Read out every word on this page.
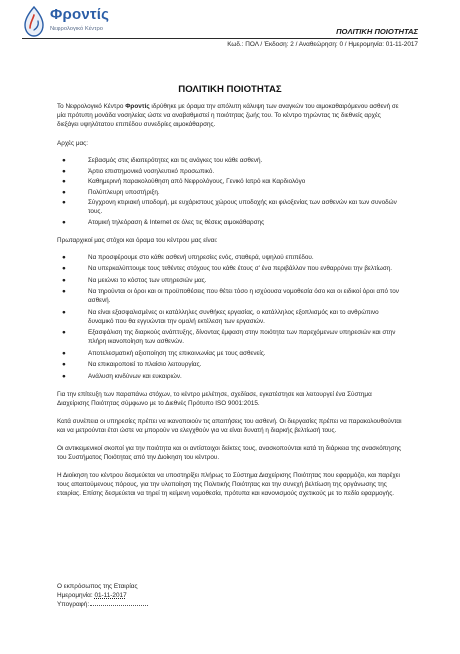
Φροντίς
Νεφρολογικό Κέντρο	ΠΟΛΙΤΙΚΗ ΠΟΙΟΤΗΤΑΣ
Κωδ.: ΠΟΛ / Έκδοση: 2 / Αναθεώρηση: 0 / Ημερομηνία: 01-11-2017
ΠΟΛΙΤΙΚΗ ΠΟΙΟΤΗΤΑΣ

Το Νεφρολογικό Κέντρο Φροντίς ιδρύθηκε με όραμα την απόλυτη κάλυψη των αναγκών του αιμοκαθαιρόμενου ασθενή σε μία πρότυπη μονάδα νοσηλείας ώστε να αναβαθμιστεί η ποιότητας ζωής του. Το κέντρο τηρώντας τις διεθνείς αρχές διεξάγει υψηλότατου επιπέδου συνεδρίες αιμοκάθαρσης.

Αρχές μας:

●	Σεβασμός στις ιδιαιτερότητες και τις ανάγκες του κάθε ασθενή.
●	Άρτιο επιστημονικά νοσηλευτικό προσωπικό.
●	Καθημερινή παρακολούθηση από Νεφρολόγους, Γενικό Ιατρό και Καρδιολόγο
●	Πολύπλευρη υποστήριξη.
●	Σύγχρονη κτιριακή υποδομή, με ευχάριστους χώρους υποδοχής και φιλοξενίας των ασθενών και των συνοδών τους.
●	Ατομική τηλεόραση & Internet σε όλες τις θέσεις αιμοκάθαρσης

Πρωταρχικοί μας στόχοι και όραμα του κέντρου μας είναι:

●	Να προσφέρουμε στο κάθε ασθενή υπηρεσίες ενός, σταθερά, υψηλού επιπέδου.
●	Να υπερκαλύπτουμε τους τεθέντες στόχους του κάθε έτους σ' ένα περιβάλλον που ενθαρρύνει την βελτίωση.
●	Να μειώνει το κόστος των υπηρεσιών μας.
●	Να τηρούνται οι όροι και οι προϋποθέσεις που θέτει τόσο η ισχύουσα νομοθεσία όσο και οι ειδικοί όροι από τον ασθενή.
●	Να είναι εξασφαλισμένες οι κατάλληλες συνθήκες εργασίας, ο κατάλληλος εξοπλισμός και το ανθρώπινο δυναμικό που θα εγγυώνται την ομαλή εκτέλεση των εργασιών.
●	Εξασφάλιση της διαρκούς ανάπτυξης, δίνοντας έμφαση στην ποιότητα των παρεχόμενων υπηρεσιών και στην πλήρη ικανοποίηση των ασθενών.
●	Αποτελεσματική αξιοποίηση της επικοινωνίας με τους ασθενείς.
●	Να επικαιροποιεί το πλαίσιο λειτουργίας.
●	Ανάλυση κινδύνων και ευκαιριών.

Για την επίτευξη των παραπάνω στόχων, το κέντρο μελέτησε, σχεδίασε, εγκατέστησε και λειτουργεί ένα Σύστημα Διαχείρισης Ποιότητας σύμφωνο με το Διεθνές Πρότυπο ISO 9001:2015.

Κατά συνέπεια οι υπηρεσίες πρέπει να ικανοποιούν τις απαιτήσεις του ασθενή. Οι διεργασίες πρέπει να παρακολουθούνται και να μετρούνται έτσι ώστε να μπορούν να ελεγχθούν για να είναι δυνατή η διαρκής βελτίωσή τους.

Οι αντικειμενικοί σκοποί για την ποιότητα και οι αντίστοιχοι δείκτες τους, ανασκοπούνται κατά τη διάρκεια της ανασκόπησης του Συστήματος Ποιότητας από την Διοίκηση του κέντρου.

Η Διοίκηση του κέντρου δεσμεύεται να υποστηρίξει πλήρως το Σύστημα Διαχείρισης Ποιότητας που εφαρμόζει, και παρέχει τους απαιτούμενους πόρους, για την υλοποίηση της Πολιτικής Ποιότητας και την συνεχή βελτίωση της οργάνωσης της εταιρίας. Επίσης δεσμεύεται να τηρεί τη κείμενη νομοθεσία, πρότυπα και κανονισμούς σχετικούς με το πεδίο εφαρμογής.

Ο εκπρόσωπος της Εταιρίας
Ημερομηνία: 01-11-2017
Υπογραφή:
